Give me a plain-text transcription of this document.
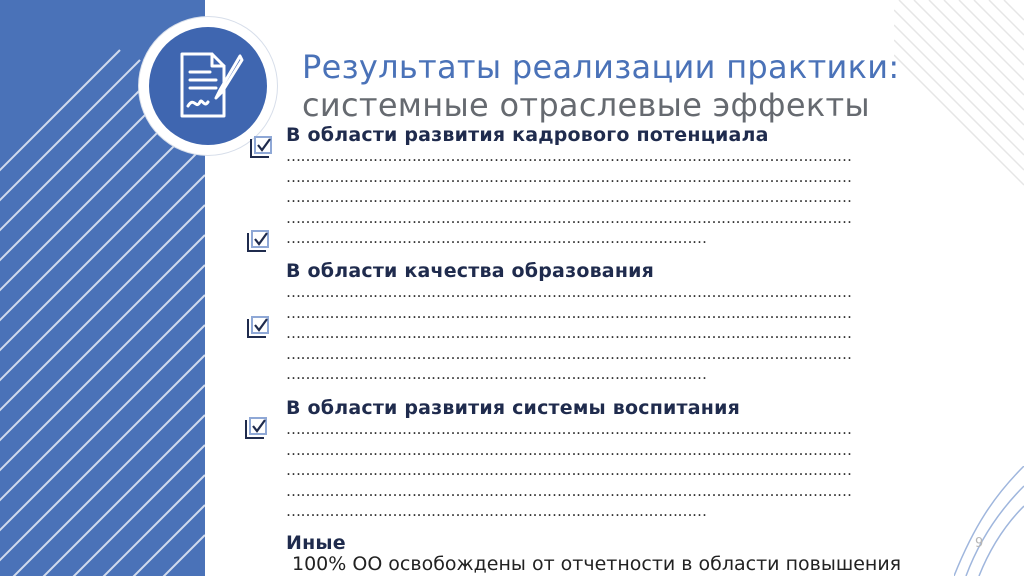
Результаты реализации практики:
системные отраслевые эффекты
В области развития кадрового потенциала
………………………………………………………………………………………………………
………………………………………………………………………………………………………
………………………………………………………………………………………………………
………………………………………………………………………………………………………
……………………………………………………………………………
В области качества образования
………………………………………………………………………………………………………
………………………………………………………………………………………………………
………………………………………………………………………………………………………
………………………………………………………………………………………………………
……………………………………………………………………………
В области развития системы воспитания
………………………………………………………………………………………………………
………………………………………………………………………………………………………
………………………………………………………………………………………………………
………………………………………………………………………………………………………
……………………………………………………………………………
Иные
100% ОО освобождены от отчетности в области повышения
9
